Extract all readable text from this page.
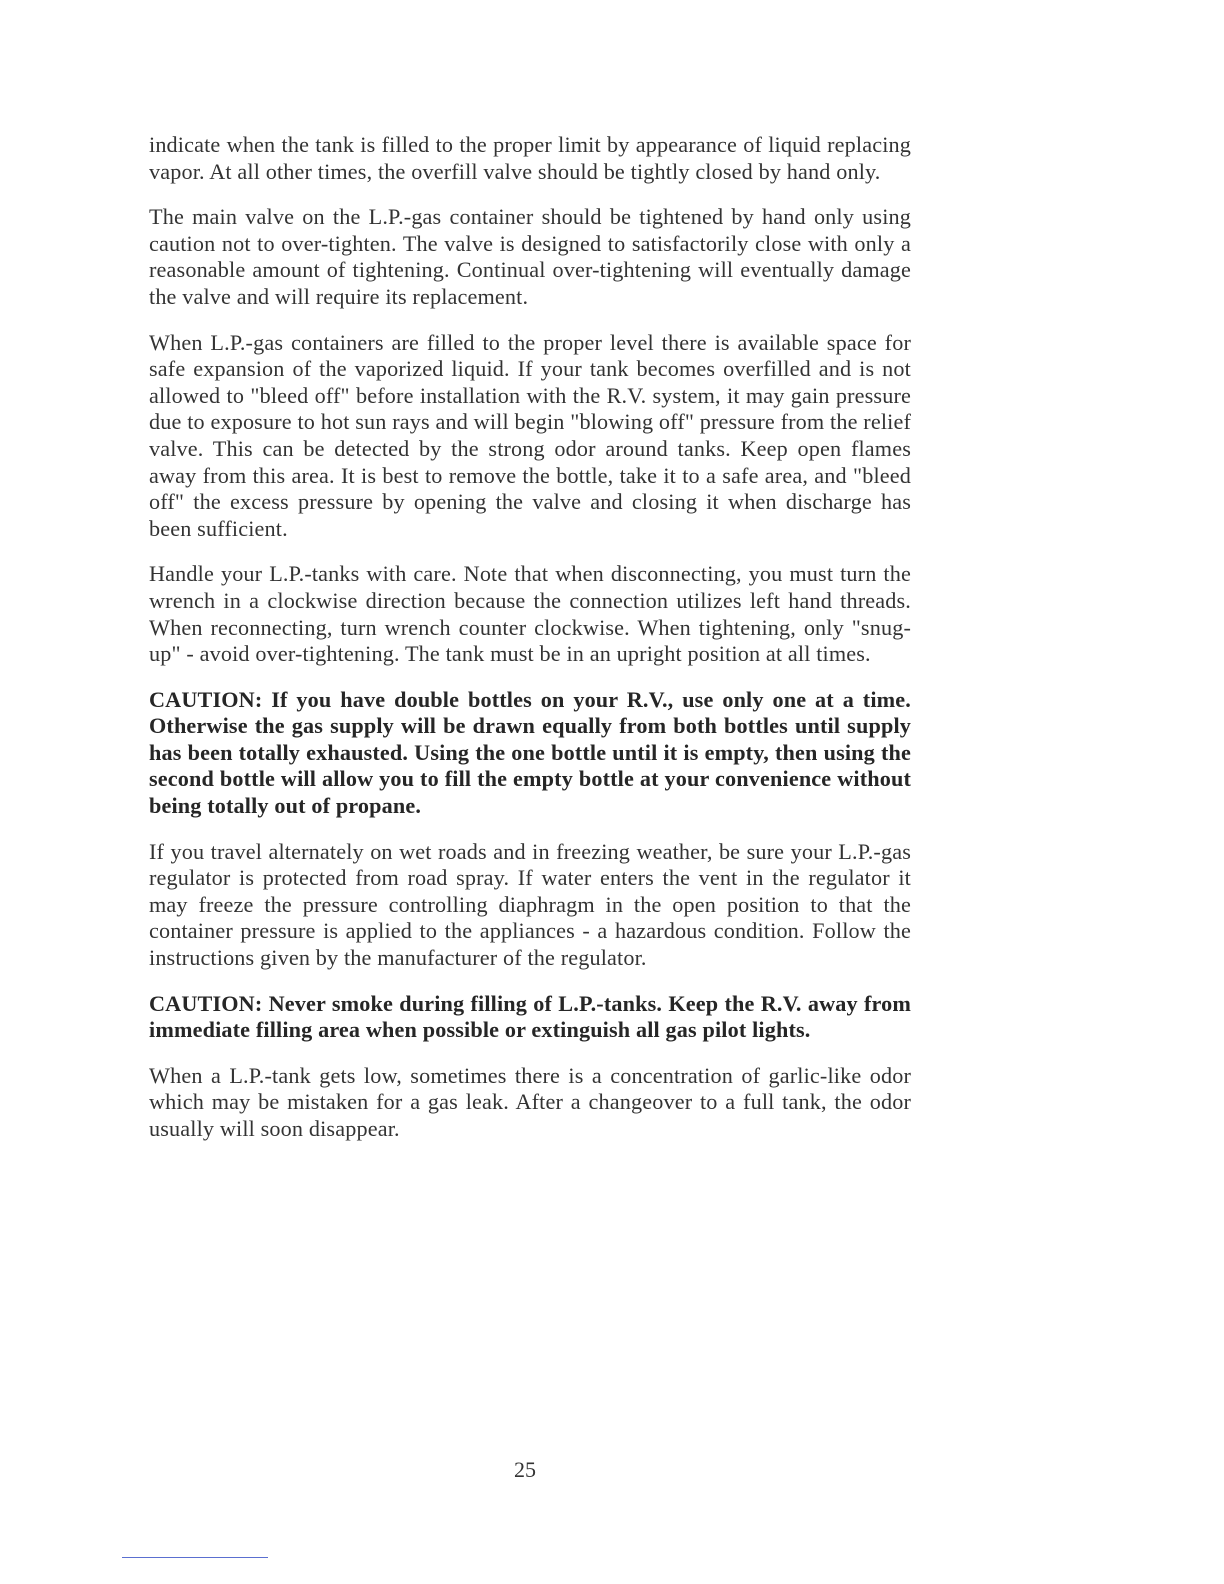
indicate when the tank is filled to the proper limit by appearance of liquid replacing vapor. At all other times, the overfill valve should be tightly closed by hand only.

The main valve on the L.P.-gas container should be tightened by hand only using caution not to over-tighten. The valve is designed to satisfactorily close with only a reasonable amount of tightening. Continual over-tightening will eventually damage the valve and will require its replacement.

When L.P.-gas containers are filled to the proper level there is available space for safe expansion of the vaporized liquid. If your tank becomes overfilled and is not allowed to "bleed off" before installation with the R.V. system, it may gain pressure due to exposure to hot sun rays and will begin "blowing off" pressure from the relief valve. This can be detected by the strong odor around tanks. Keep open flames away from this area. It is best to remove the bottle, take it to a safe area, and "bleed off" the excess pressure by opening the valve and closing it when discharge has been sufficient.

Handle your L.P.-tanks with care. Note that when disconnecting, you must turn the wrench in a clockwise direction because the connection utilizes left hand threads. When reconnecting, turn wrench counter clockwise. When tightening, only "snug-up" - avoid over-tightening. The tank must be in an upright position at all times.

CAUTION: If you have double bottles on your R.V., use only one at a time. Otherwise the gas supply will be drawn equally from both bottles until supply has been totally exhausted. Using the one bottle until it is empty, then using the second bottle will allow you to fill the empty bottle at your convenience without being totally out of propane.

If you travel alternately on wet roads and in freezing weather, be sure your L.P.-gas regulator is protected from road spray. If water enters the vent in the regulator it may freeze the pressure controlling diaphragm in the open position to that the container pressure is applied to the appliances - a hazardous condition. Follow the instructions given by the manufacturer of the regulator.

CAUTION: Never smoke during filling of L.P.-tanks. Keep the R.V. away from immediate filling area when possible or extinguish all gas pilot lights.

When a L.P.-tank gets low, sometimes there is a concentration of garlic-like odor which may be mistaken for a gas leak. After a changeover to a full tank, the odor usually will soon disappear.

25
